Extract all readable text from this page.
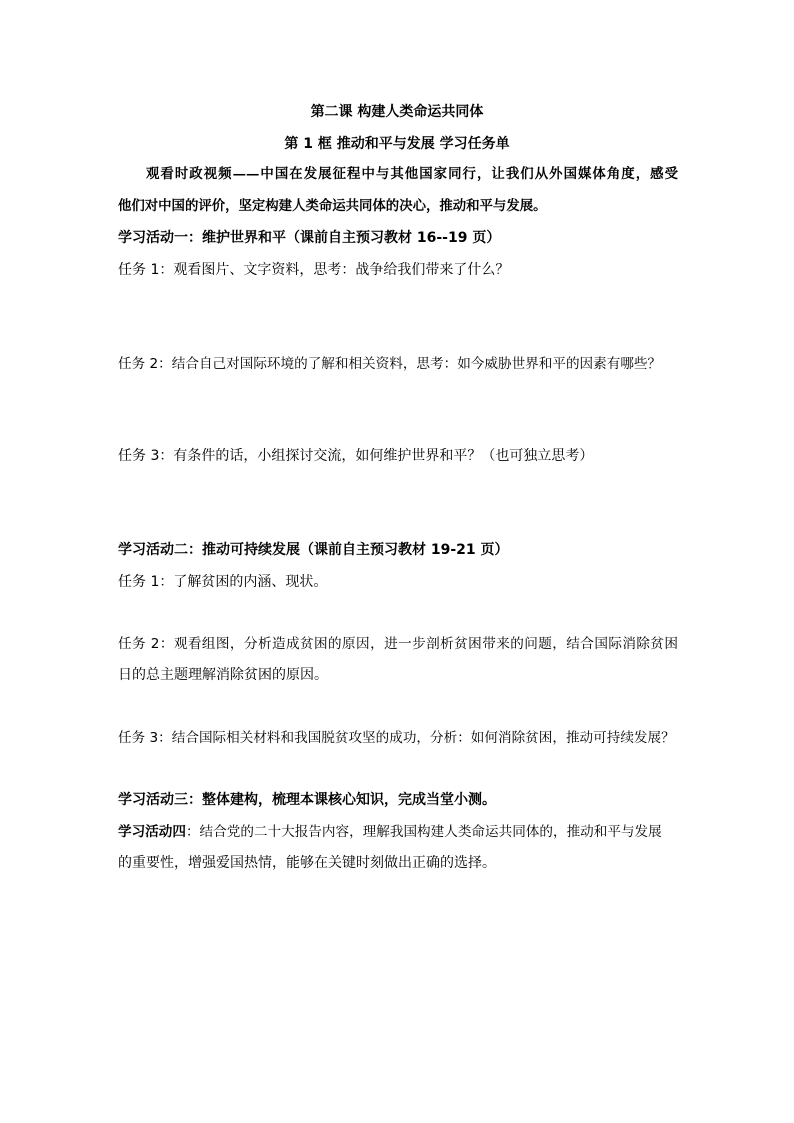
第二课 构建人类命运共同体
第 1 框 推动和平与发展 学习任务单
观看时政视频——中国在发展征程中与其他国家同行，让我们从外国媒体角度，感受
他们对中国的评价，坚定构建人类命运共同体的决心，推动和平与发展。
学习活动一：维护世界和平（课前自主预习教材 16--19 页）
任务 1：观看图片、文字资料，思考：战争给我们带来了什么？
任务 2：结合自己对国际环境的了解和相关资料，思考：如今威胁世界和平的因素有哪些？
任务 3：有条件的话，小组探讨交流，如何维护世界和平？（也可独立思考）
学习活动二：推动可持续发展（课前自主预习教材 19-21 页）
任务 1：了解贫困的内涵、现状。
任务 2：观看组图，分析造成贫困的原因，进一步剖析贫困带来的问题，结合国际消除贫困
日的总主题理解消除贫困的原因。
任务 3：结合国际相关材料和我国脱贫攻坚的成功，分析：如何消除贫困，推动可持续发展？
学习活动三：整体建构，梳理本课核心知识，完成当堂小测。
学习活动四：结合党的二十大报告内容，理解我国构建人类命运共同体的，推动和平与发展
的重要性，增强爱国热情，能够在关键时刻做出正确的选择。
